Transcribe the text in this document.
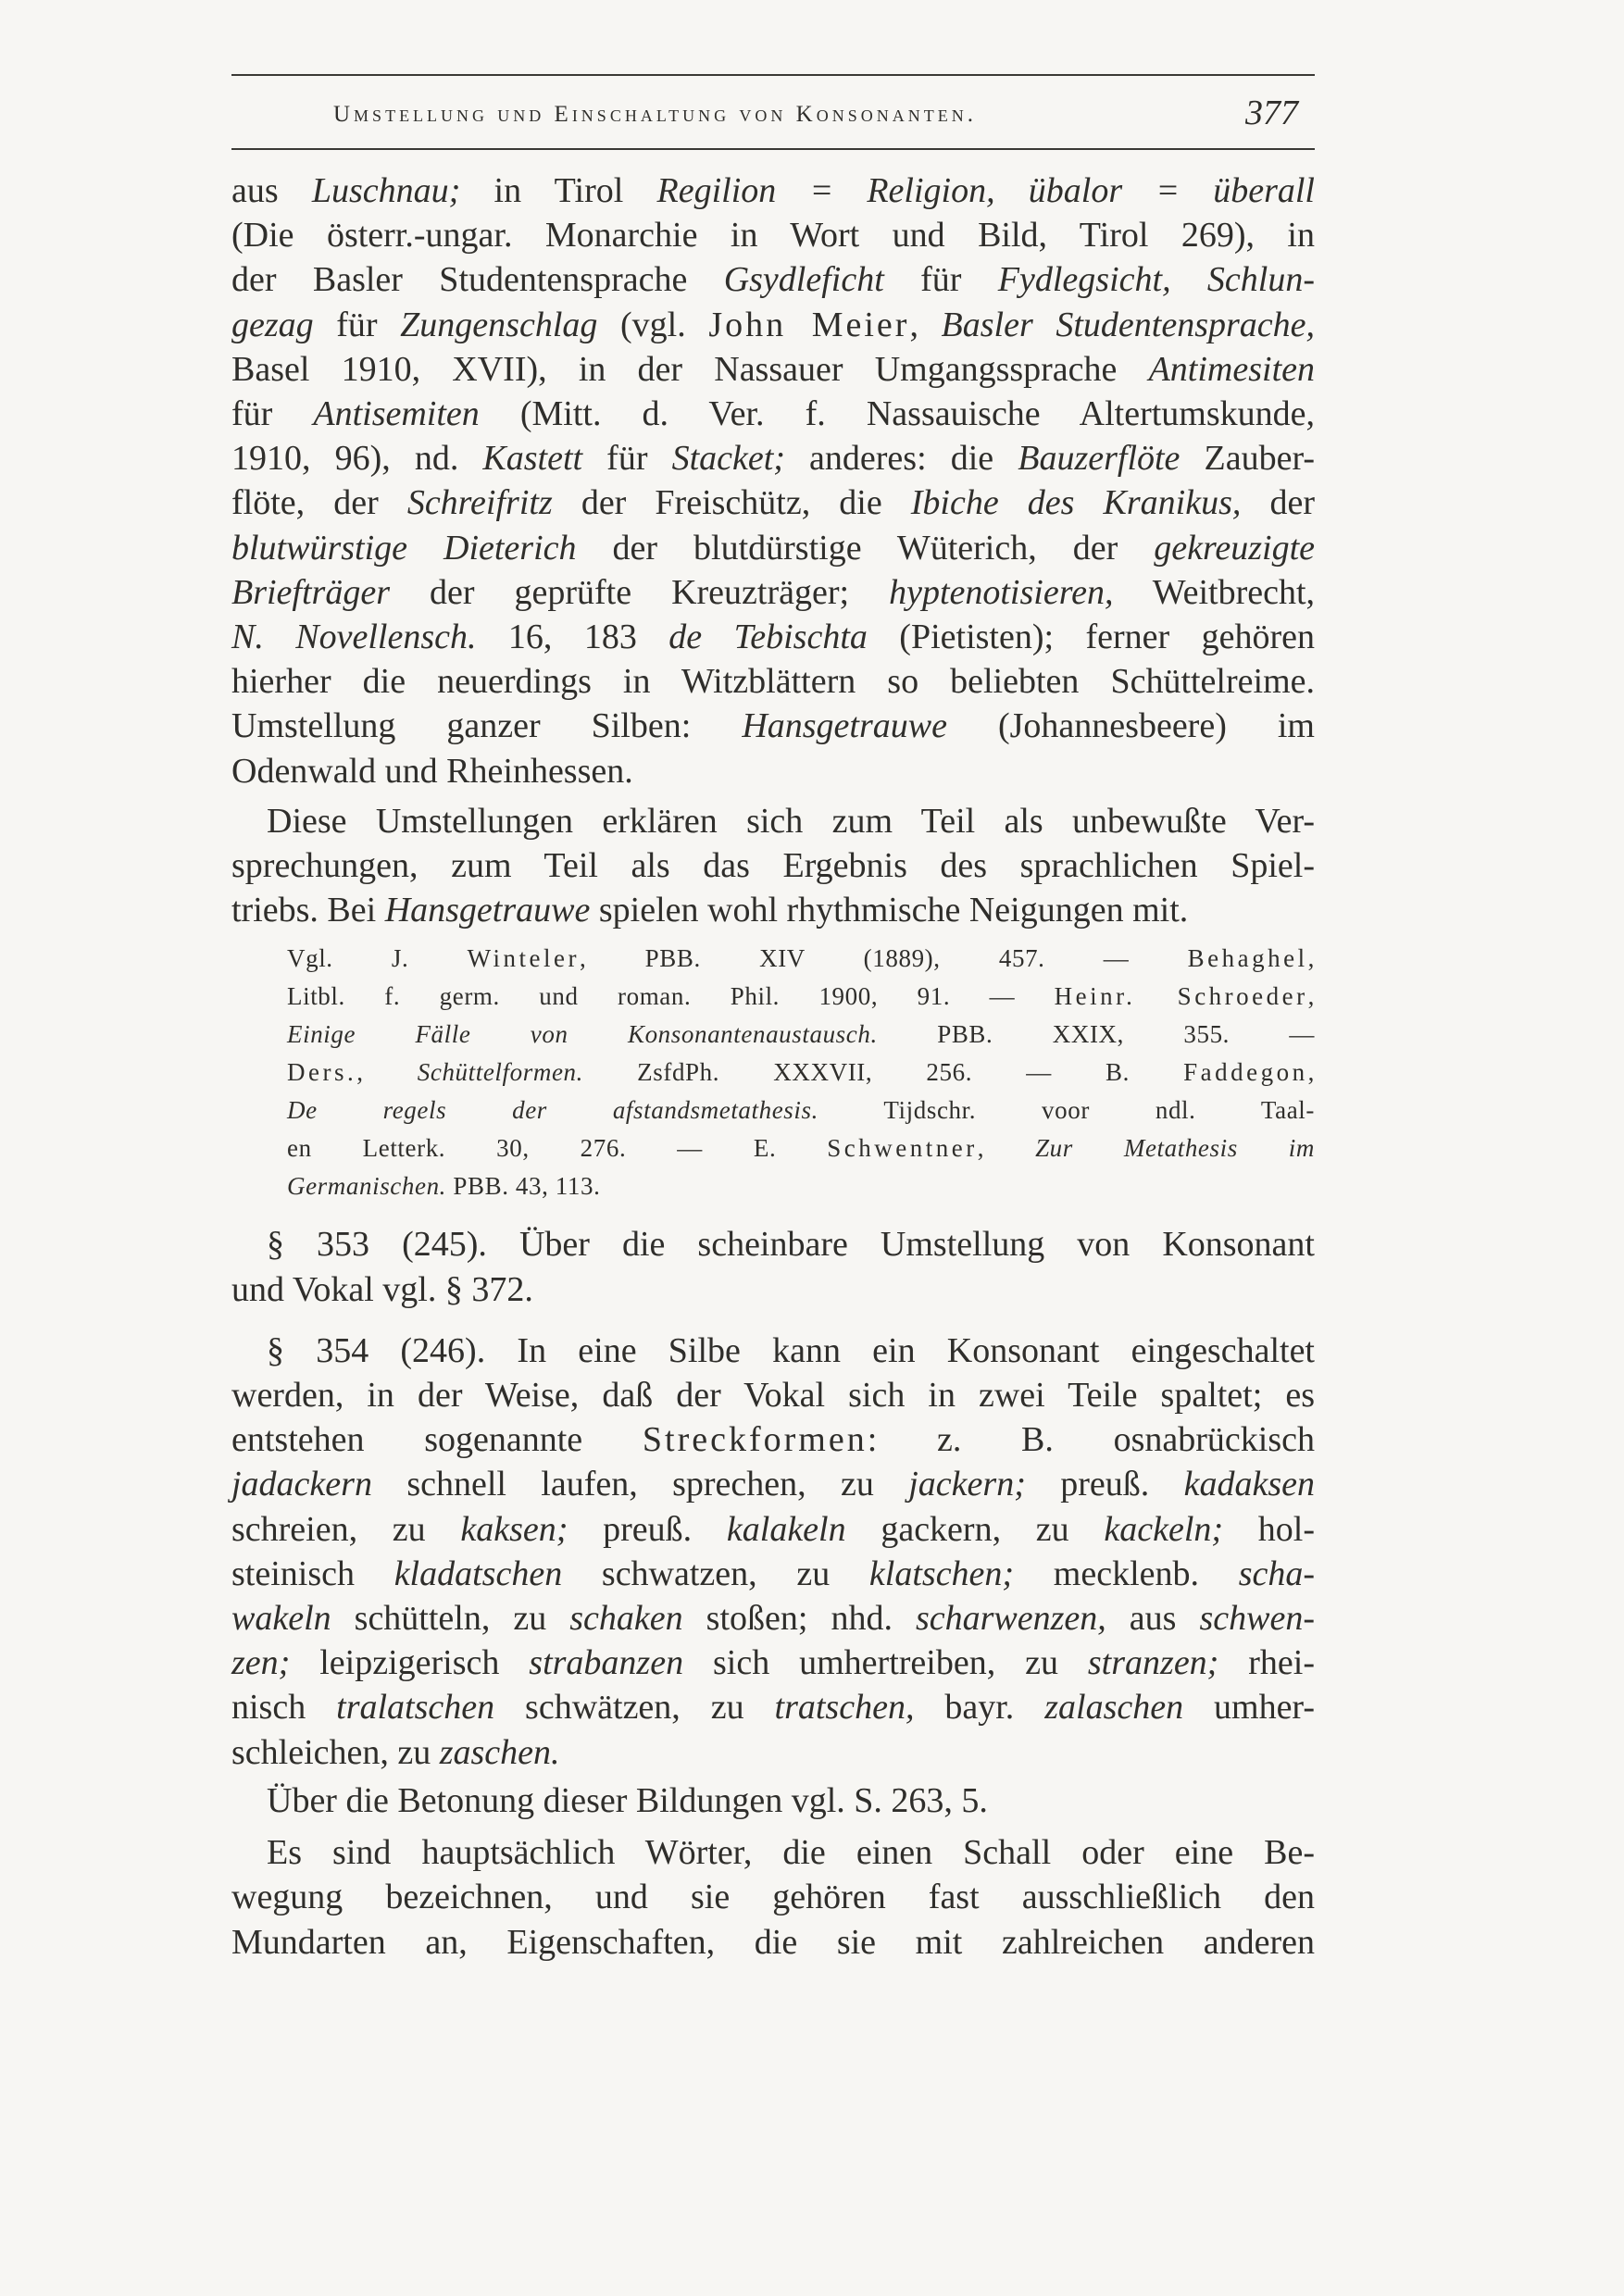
Umstellung und Einschaltung von Konsonanten.	377

aus Luschnau; in Tirol Regilion = Religion, übalor = überall
(Die österr.-ungar. Monarchie in Wort und Bild, Tirol 269), in
der Basler Studentensprache Gsydleficht für Fydlegsicht, Schlun-
gezag für Zungenschlag (vgl. John Meier, Basler Studentensprache,
Basel 1910, XVII), in der Nassauer Umgangssprache Antimesiten
für Antisemiten (Mitt. d. Ver. f. Nassauische Altertumskunde,
1910, 96), nd. Kastett für Stacket; anderes: die Bauzerflöte Zauber-
flöte, der Schreifritz der Freischütz, die Ibiche des Kranikus, der
blutwürstige Dieterich der blutdürstige Wüterich, der gekreuzigte
Briefträger der geprüfte Kreuzträger; hyptenotisieren, Weitbrecht,
N. Novellensch. 16, 183 de Tebischta (Pietisten); ferner gehören
hierher die neuerdings in Witzblättern so beliebten Schüttelreime.
Umstellung ganzer Silben: Hansgetrauwe (Johannesbeere) im
Odenwald und Rheinhessen.

Diese Umstellungen erklären sich zum Teil als unbewußte Ver-
sprechungen, zum Teil als das Ergebnis des sprachlichen Spiel-
triebs. Bei Hansgetrauwe spielen wohl rhythmische Neigungen mit.

Vgl. J. Winteler, PBB. XIV (1889), 457. — Behaghel,
Litbl. f. germ. und roman. Phil. 1900, 91. — Heinr. Schroeder,
Einige Fälle von Konsonantenaustausch. PBB. XXIX, 355. —
Ders., Schüttelformen. ZsfdPh. XXXVII, 256. — B. Faddegon,
De regels der afstandsmetathesis. Tijdschr. voor ndl. Taal-
en Letterk. 30, 276. — E. Schwentner, Zur Metathesis im
Germanischen. PBB. 43, 113.

§ 353 (245). Über die scheinbare Umstellung von Konsonant
und Vokal vgl. § 372.

§ 354 (246). In eine Silbe kann ein Konsonant eingeschaltet
werden, in der Weise, daß der Vokal sich in zwei Teile spaltet; es
entstehen sogenannte Streckformen: z. B. osnabrückisch
jadackern schnell laufen, sprechen, zu jackern; preuß. kadaksen
schreien, zu kaksen; preuß. kalakeln gackern, zu kackeln; hol-
steinisch kladatschen schwatzen, zu klatschen; mecklenb. scha-
wakeln schütteln, zu schaken stoßen; nhd. scharwenzen, aus schwen-
zen; leipzigerisch strabanzen sich umhertreiben, zu stranzen; rhei-
nisch tralatschen schwätzen, zu tratschen, bayr. zalaschen umher-
schleichen, zu zaschen.

Über die Betonung dieser Bildungen vgl. S. 263, 5.

Es sind hauptsächlich Wörter, die einen Schall oder eine Be-
wegung bezeichnen, und sie gehören fast ausschließlich den
Mundarten an, Eigenschaften, die sie mit zahlreichen anderen
